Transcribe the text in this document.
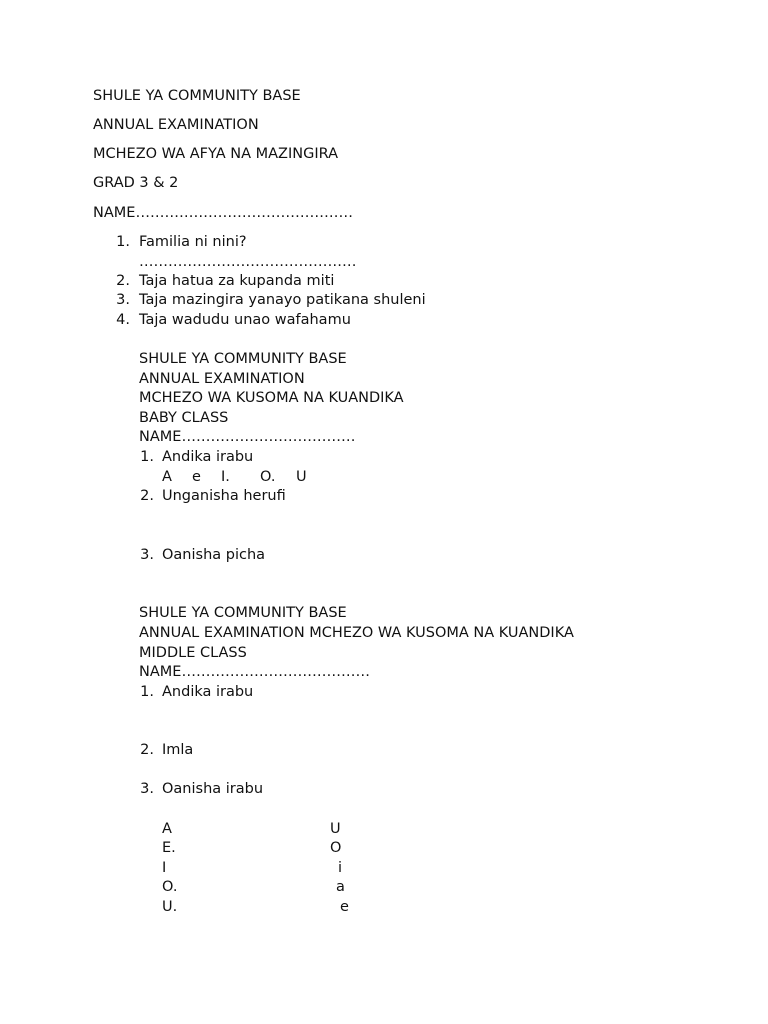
SHULE YA COMMUNITY BASE
ANNUAL EXAMINATION
MCHEZO WA AFYA NA MAZINGIRA
GRAD 3 & 2
NAME………………………………………
1. Familia ni nini?
………………………………………
2. Taja hatua za kupanda miti
3. Taja mazingira yanayo patikana shuleni
4. Taja wadudu unao wafahamu
SHULE YA COMMUNITY BASE
ANNUAL EXAMINATION
MCHEZO WA KUSOMA NA KUANDIKA
BABY CLASS
NAME………………………………
1. Andika irabu
A e I. O. U
2. Unganisha herufi
3. Oanisha picha
SHULE YA COMMUNITY BASE
ANNUAL EXAMINATION MCHEZO WA KUSOMA NA KUANDIKA
MIDDLE CLASS
NAME…………………………………
1. Andika irabu
2. Imla
3. Oanisha irabu
A
E.
I
O.
U.
U
O
i
a
e
